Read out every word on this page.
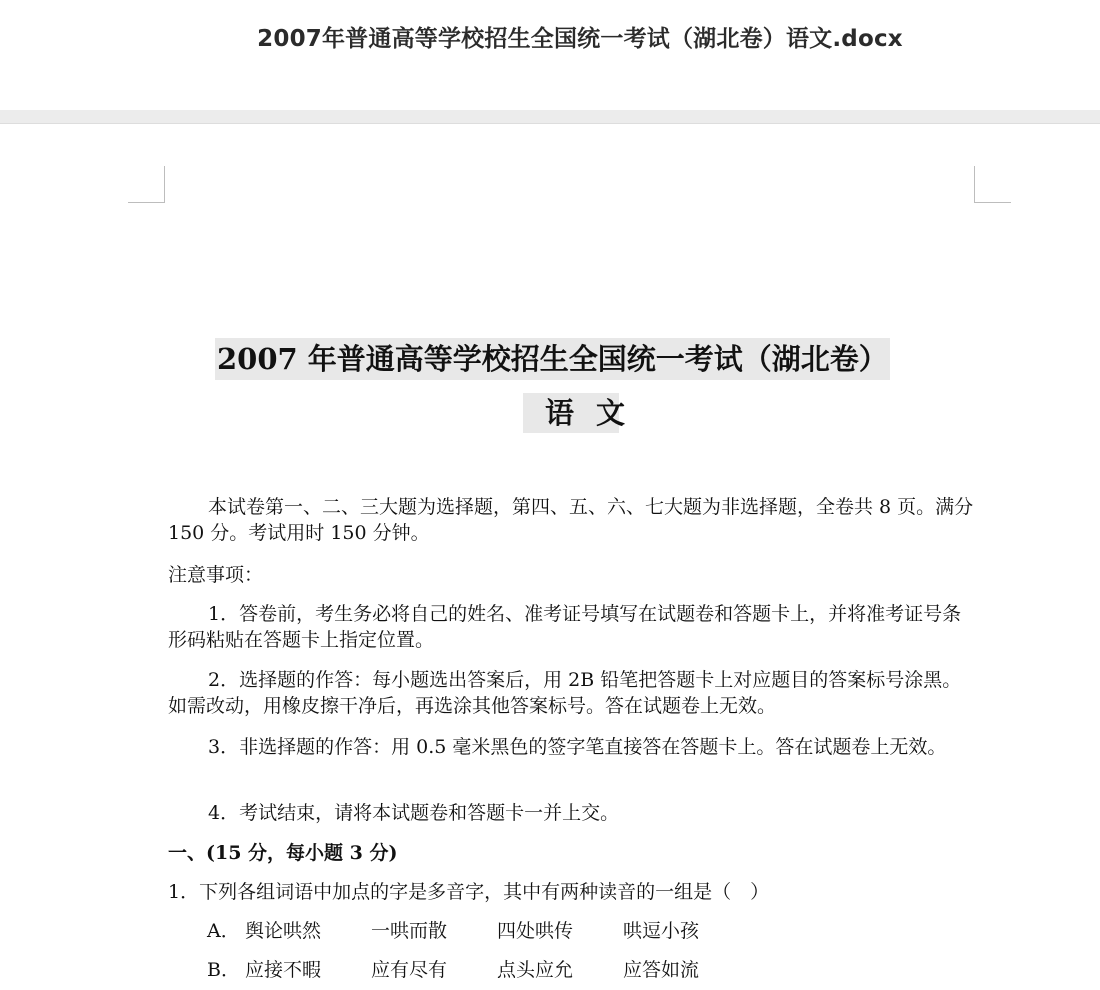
2007年普通高等学校招生全国统一考试（湖北卷）语文.docx
2007 年普通高等学校招生全国统一考试（湖北卷）
语文
本试卷第一、二、三大题为选择题，第四、五、六、七大题为非选择题，全卷共 8 页。满分 150 分。考试用时 150 分钟。
注意事项：
1．答卷前，考生务必将自己的姓名、准考证号填写在试题卷和答题卡上，并将准考证号条形码粘贴在答题卡上指定位置。
2．选择题的作答：每小题选出答案后，用 2B 铅笔把答题卡上对应题目的答案标号涂黑。如需改动，用橡皮擦干净后，再选涂其他答案标号。答在试题卷上无效。
3．非选择题的作答：用 0.5 毫米黑色的签字笔直接答在答题卡上。答在试题卷上无效。
4．考试结束，请将本试题卷和答题卡一并上交。
一、(15 分，每小题 3 分)
1．下列各组词语中加点的字是多音字，其中有两种读音的一组是（　）
A． 舆论哄然	一哄而散	四处哄传	哄逗小孩
B． 应接不暇	应有尽有	点头应允	应答如流
